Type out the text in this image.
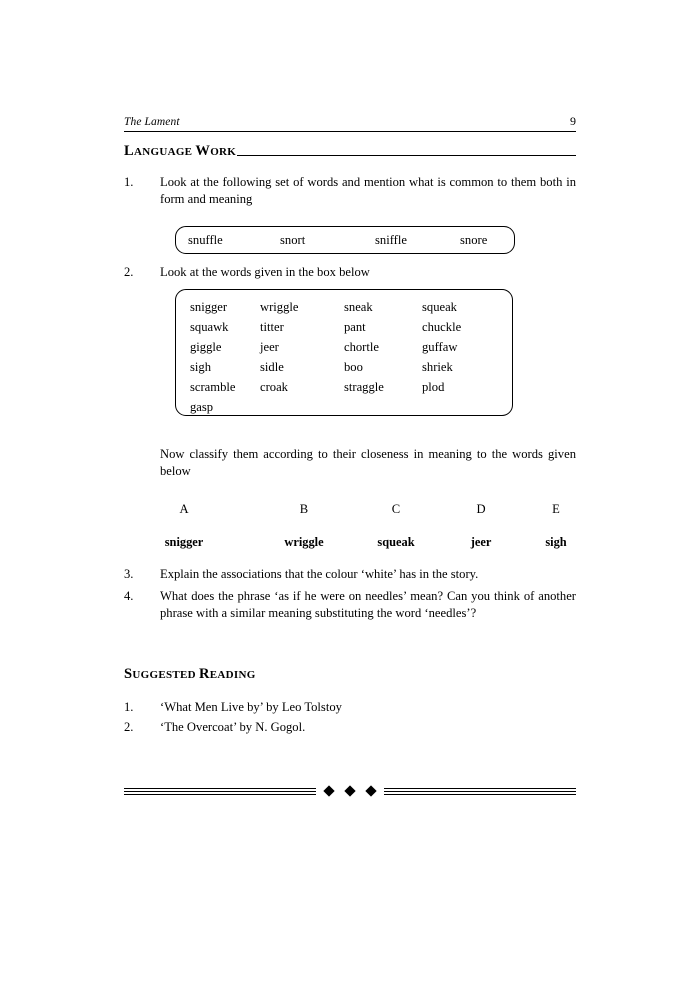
The Lament	9
LANGUAGE WORK
1.	Look at the following set of words and mention what is common to them both in form and meaning
snuffle	snort	sniffle	snore
2.	Look at the words given in the box below
snigger	wriggle	sneak	squeak
squawk	titter	pant	chuckle
giggle	jeer	chortle	guffaw
sigh	sidle	boo	shriek
scramble	croak	straggle	plod
gasp
Now classify them according to their closeness in meaning to the words given below
A	B	C	D	E
snigger	wriggle	squeak	jeer	sigh
3.	Explain the associations that the colour ‘white’ has in the story.
4.	What does the phrase ‘as if he were on needles’ mean? Can you think of another phrase with a similar meaning substituting the word ‘needles’?
SUGGESTED READING
1.	‘What Men Live by’ by Leo Tolstoy
2.	‘The Overcoat’ by N. Gogol.
